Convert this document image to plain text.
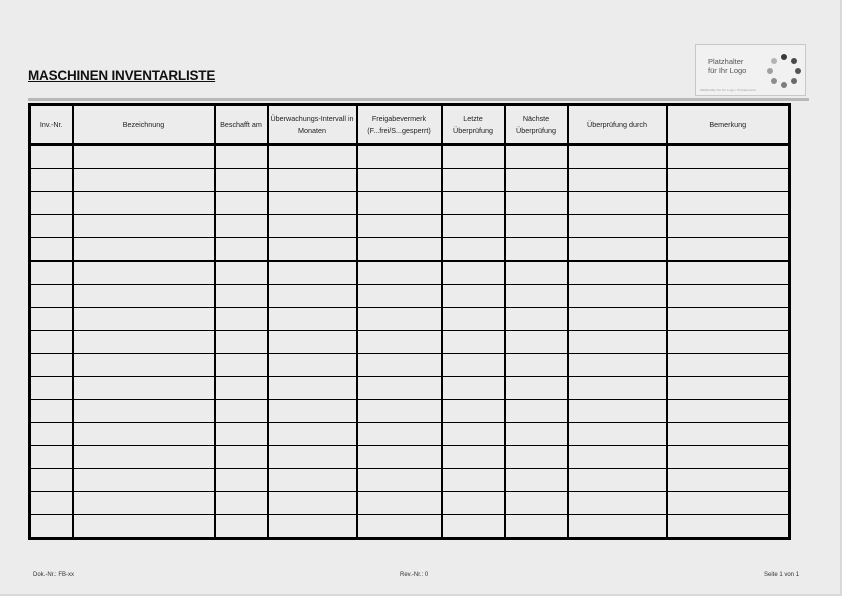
MASCHINEN INVENTARLISTE
Platzhalter
für Ihr Logo
Platzhalter für Ihr Logo / Firmenname
Inv.-Nr.	Bezeichnung	Beschafft am	Überwachungs-Intervall in Monaten	Freigabevermerk (F...frei/S...gesperrt)	Letzte Überprüfung	Nächste Überprüfung	Überprüfung durch	Bemerkung

Dok.-Nr.: FB-xx	Rev.-Nr.: 0	Seite 1 von 1
